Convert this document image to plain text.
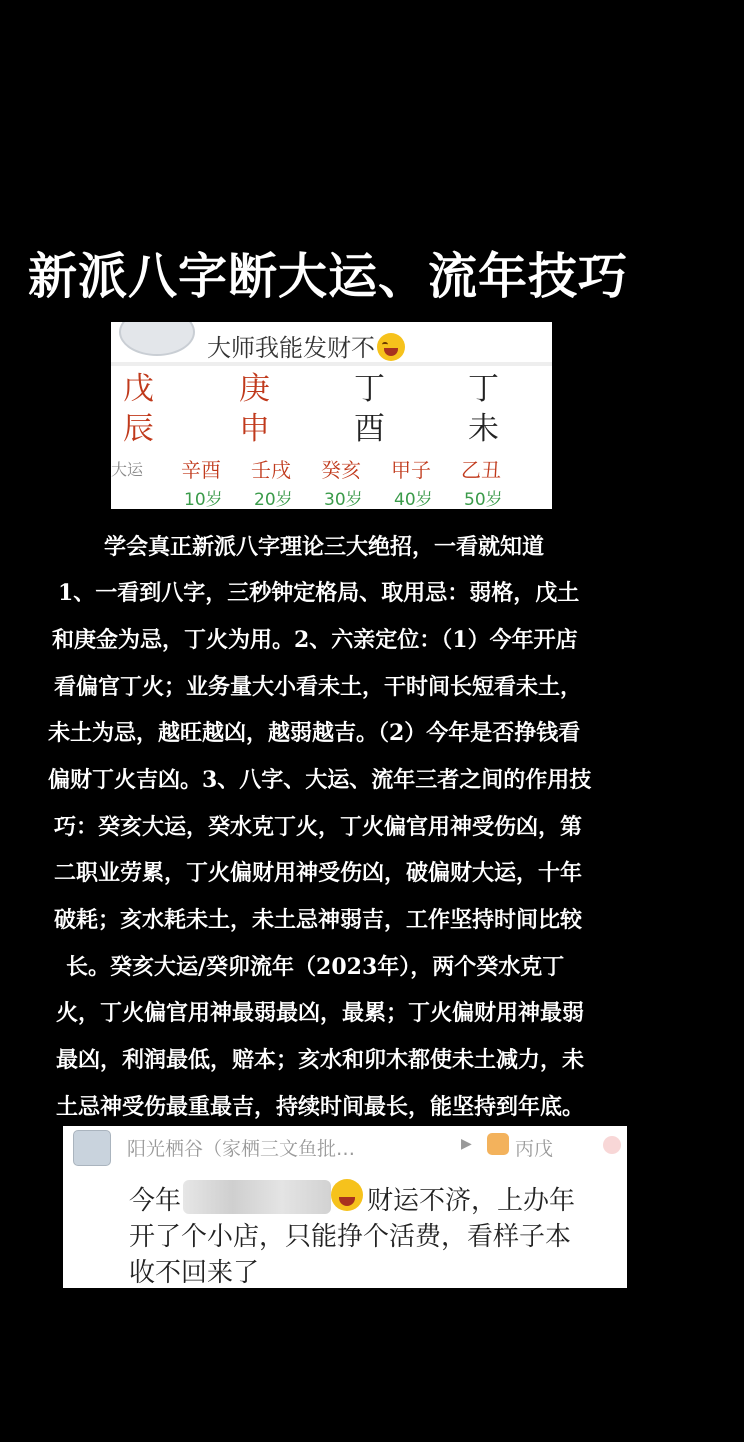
新派八字断大运、流年技巧
大师我能发财不
戊
辰
庚
申
丁
酉
丁
未
大运 辛酉 壬戌 癸亥 甲子 乙丑
10岁 20岁 30岁 40岁 50岁
学会真正新派八字理论三大绝招，一看就知道
1、一看到八字，三秒钟定格局、取用忌：弱格，戊土
和庚金为忌，丁火为用。2、六亲定位：（1）今年开店
看偏官丁火；业务量大小看未土，干时间长短看未土，
未土为忌，越旺越凶，越弱越吉。（2）今年是否挣钱看
偏财丁火吉凶。3、八字、大运、流年三者之间的作用技
巧：癸亥大运，癸水克丁火，丁火偏官用神受伤凶，第
二职业劳累，丁火偏财用神受伤凶，破偏财大运，十年
破耗；亥水耗未土，未土忌神弱吉，工作坚持时间比较
长。癸亥大运/癸卯流年（2023年），两个癸水克丁
火，丁火偏官用神最弱最凶，最累；丁火偏财用神最弱
最凶，利润最低，赔本；亥水和卯木都使未土减力，未
土忌神受伤最重最吉，持续时间最长，能坚持到年底。
阳光栖谷（家栖三文鱼批…	▶ 丙戊
今年	财运不济，上办年
开了个小店，只能挣个活费，看样子本
收不回来了
